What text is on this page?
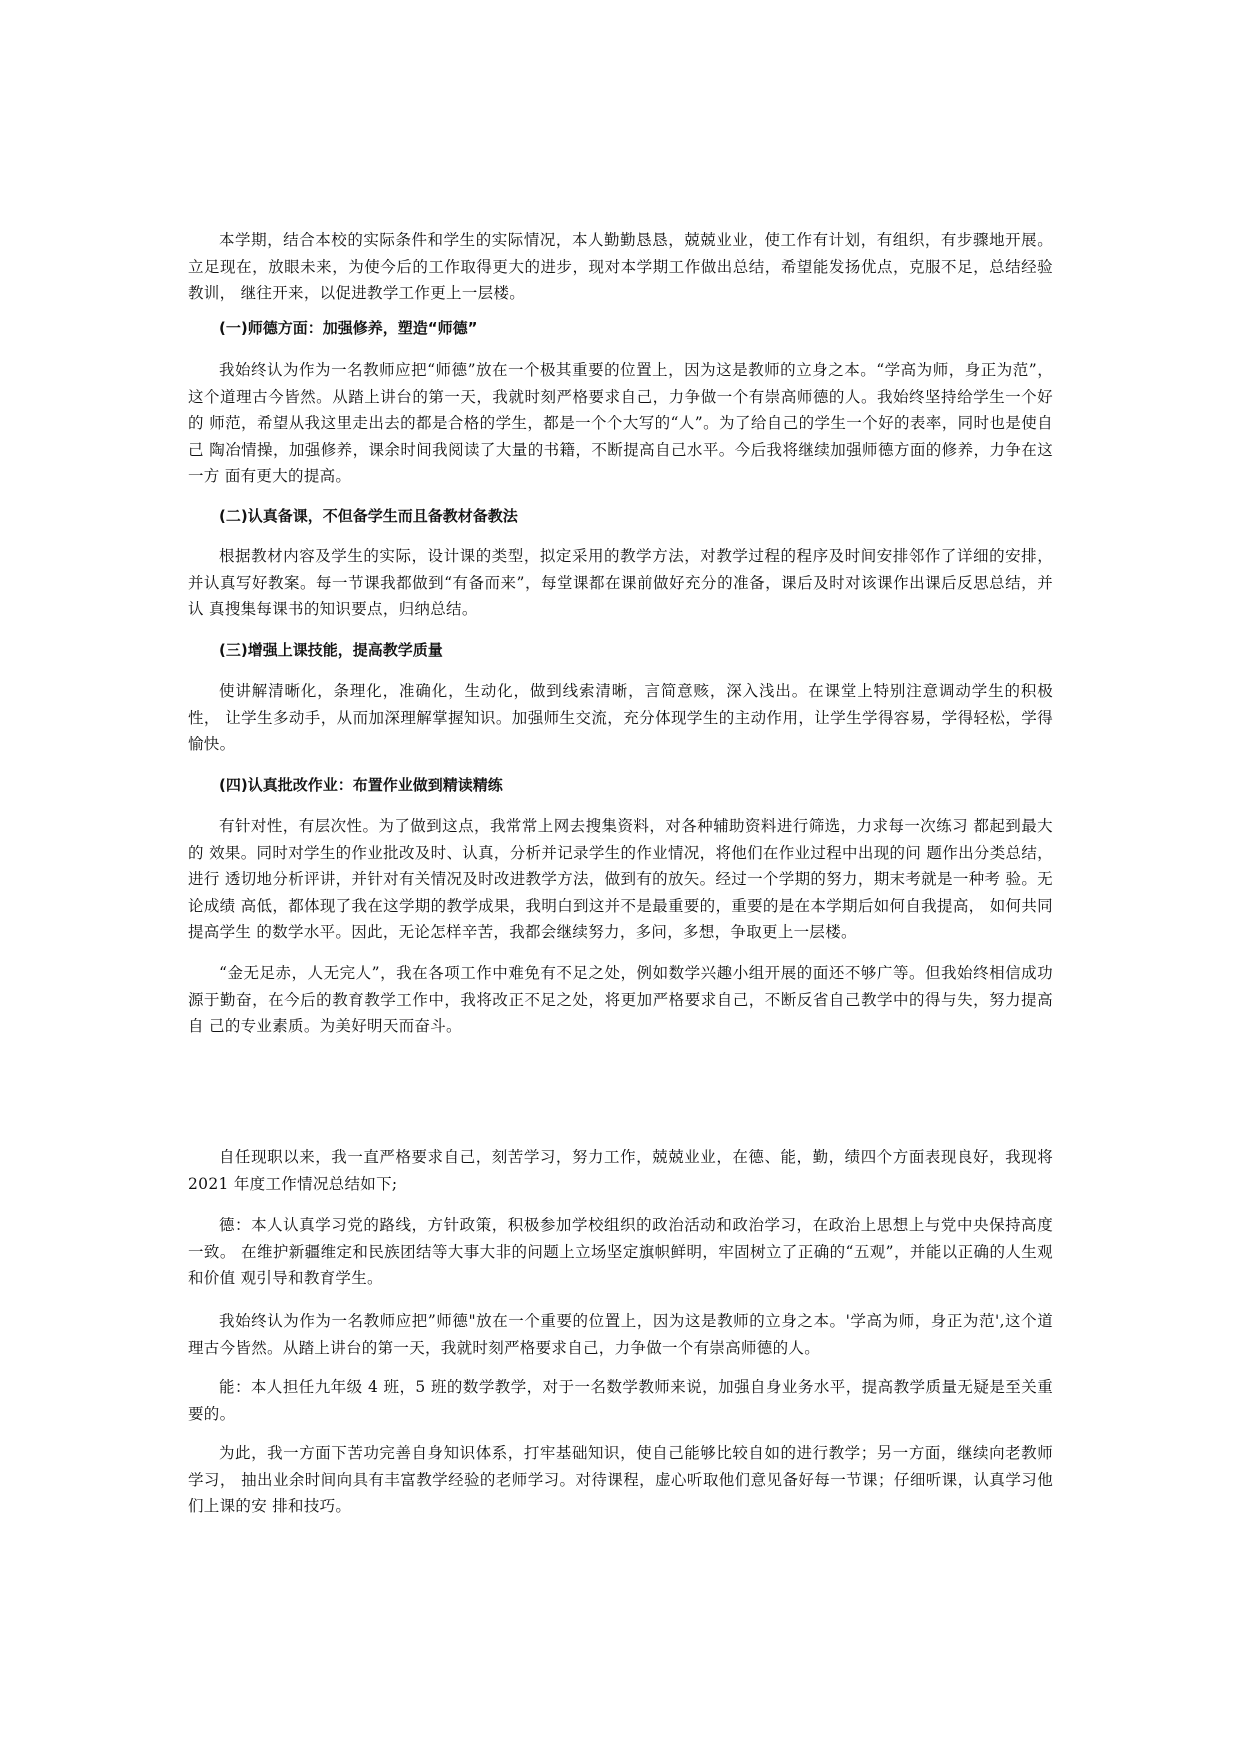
本学期，结合本校的实际条件和学生的实际情况，本人勤勤恳恳，兢兢业业，使工作有计划，有组织，有步骤地开展。立足现在，放眼未来，为使今后的工作取得更大的进步，现对本学期工作做出总结，希望能发扬优点，克服不足，总结经验教训， 继往开来，以促进教学工作更上一层楼。

(一)师德方面：加强修养，塑造“师德”

我始终认为作为一名教师应把“师德”放在一个极其重要的位置上，因为这是教师的立身之本。“学高为师，身正为范”， 这个道理古今皆然。从踏上讲台的第一天，我就时刻严格要求自己，力争做一个有崇高师德的人。我始终坚持给学生一个好的 师范，希望从我这里走出去的都是合格的学生，都是一个个大写的“人”。为了给自己的学生一个好的表率，同时也是使自己 陶冶情操，加强修养，课余时间我阅读了大量的书籍，不断提高自己水平。今后我将继续加强师德方面的修养，力争在这一方 面有更大的提高。

(二)认真备课，不但备学生而且备教材备教法

根据教材内容及学生的实际，设计课的类型，拟定采用的教学方法，对教学过程的程序及时间安排邻作了详细的安排，并认真写好教案。每一节课我都做到“有备而来”，每堂课都在课前做好充分的准备，课后及时对该课作出课后反思总结，并认 真搜集每课书的知识要点，归纳总结。

(三)增强上课技能，提高教学质量

使讲解清晰化，条理化，准确化，生动化，做到线索清晰，言简意赅，深入浅出。在课堂上特别注意调动学生的积极性， 让学生多动手，从而加深理解掌握知识。加强师生交流，充分体现学生的主动作用，让学生学得容易，学得轻松，学得愉快。

(四)认真批改作业：布置作业做到精读精练

有针对性，有层次性。为了做到这点，我常常上网去搜集资料，对各种辅助资料进行筛选，力求每一次练习 都起到最大的 效果。同时对学生的作业批改及时、认真，分析并记录学生的作业情况，将他们在作业过程中出现的问 题作出分类总结，进行 透切地分析评讲，并针对有关情况及时改进教学方法，做到有的放矢。经过一个学期的努力，期末考就是一种考 验。无论成绩 高低，都体现了我在这学期的教学成果，我明白到这并不是最重要的，重要的是在本学期后如何自我提高， 如何共同提高学生 的数学水平。因此，无论怎样辛苦，我都会继续努力，多问，多想，争取更上一层楼。

“金无足赤，人无完人”，我在各项工作中难免有不足之处，例如数学兴趣小组开展的面还不够广等。但我始终相信成功 源于勤奋，在今后的教育教学工作中，我将改正不足之处，将更加严格要求自己，不断反省自己教学中的得与失，努力提高自 己的专业素质。为美好明天而奋斗。

自任现职以来，我一直严格要求自己，刻苦学习，努力工作，兢兢业业，在德、能，勤，绩四个方面表现良好，我现将 2021 年度工作情况总结如下;

德：本人认真学习党的路线，方针政策，积极参加学校组织的政治活动和政治学习，在政治上思想上与党中央保持高度一致。 在维护新疆维定和民族团结等大事大非的问题上立场坚定旗帜鲜明，牢固树立了正确的“五观”，并能以正确的人生观和价值 观引导和教育学生。

我始终认为作为一名教师应把”师德"放在一个重要的位置上，因为这是教师的立身之本。'学高为师，身正为范',这个道 理古今皆然。从踏上讲台的第一天，我就时刻严格要求自己，力争做一个有崇高师德的人。

能：本人担任九年级 4 班，5 班的数学教学，对于一名数学教师来说，加强自身业务水平，提高教学质量无疑是至关重要的。

为此，我一方面下苦功完善自身知识体系，打牢基础知识，使自己能够比较自如的进行教学；另一方面，继续向老教师学习， 抽出业余时间向具有丰富教学经验的老师学习。对待课程，虚心听取他们意见备好每一节课；仔细听课，认真学习他们上课的安 排和技巧。
